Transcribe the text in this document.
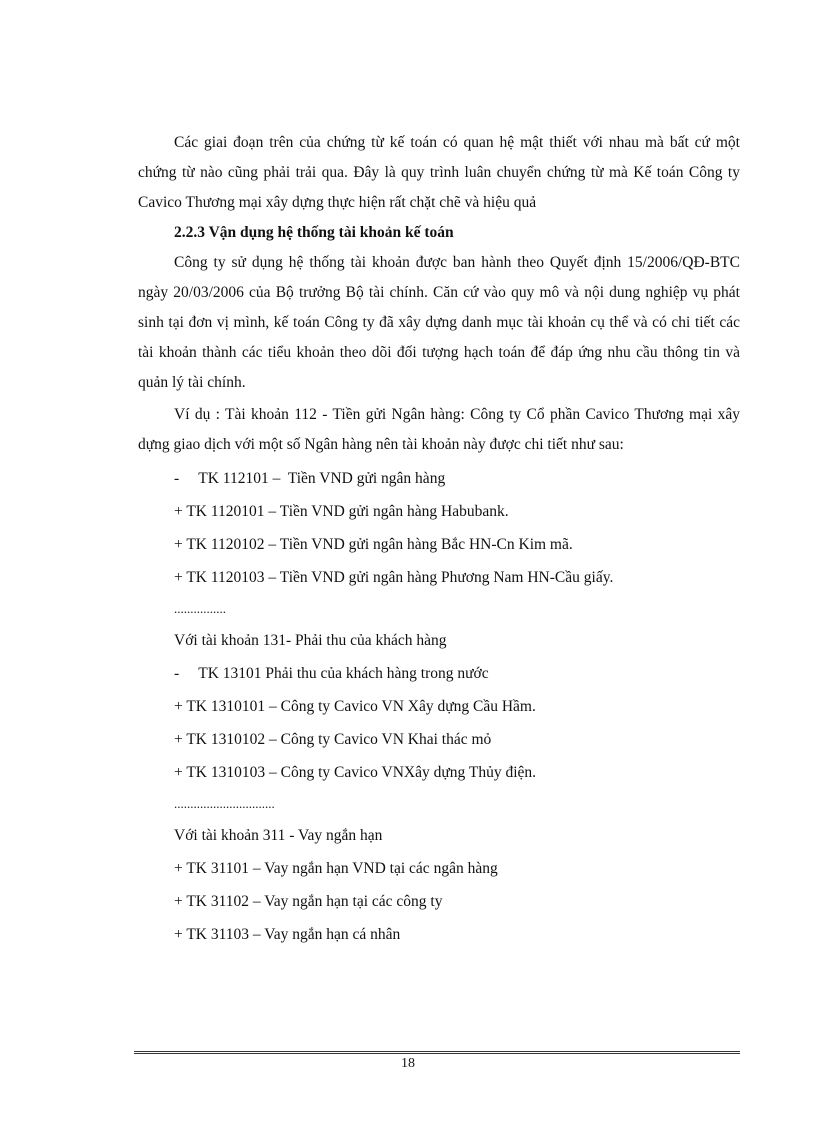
Các giai đoạn trên của chứng từ kế toán có quan hệ mật thiết với nhau mà bất cứ một chứng từ nào cũng phải trải qua. Đây là quy trình luân chuyển chứng từ mà Kế toán Công ty Cavico Thương mại xây dựng thực hiện rất chặt chẽ và hiệu quả
2.2.3 Vận dụng hệ thống tài khoản kế toán
Công ty sử dụng hệ thống tài khoản được ban hành theo Quyết định 15/2006/QĐ-BTC ngày 20/03/2006 của Bộ trưởng Bộ tài chính. Căn cứ vào quy mô và nội dung nghiệp vụ phát sinh tại đơn vị mình, kế toán Công ty đã xây dựng danh mục tài khoản cụ thể và có chi tiết các tài khoản thành các tiểu khoản theo dõi đối tượng hạch toán để đáp ứng nhu cầu thông tin và quản lý tài chính.
Ví dụ : Tài khoản 112 - Tiền gửi Ngân hàng: Công ty Cổ phần Cavico Thương mại xây dựng giao dịch với một số Ngân hàng nên tài khoản này được chi tiết như sau:
-     TK 112101 –  Tiền VND gửi ngân hàng
+ TK 1120101 – Tiền VND gửi ngân hàng Habubank.
+ TK 1120102 – Tiền VND gửi ngân hàng Bắc HN-Cn Kim mã.
+ TK 1120103 – Tiền VND gửi ngân hàng Phương Nam HN-Cầu giấy.
................
Với tài khoản 131- Phải thu của khách hàng
-     TK 13101 Phải thu của khách hàng trong nước
+ TK 1310101 – Công ty Cavico VN Xây dựng Cầu Hầm.
+ TK 1310102 – Công ty Cavico VN Khai thác mỏ
+ TK 1310103 – Công ty Cavico VNXây dựng Thủy điện.
...............................
Với tài khoản 311 - Vay ngắn hạn
+ TK 31101 – Vay ngắn hạn VND tại các ngân hàng
+ TK 31102 – Vay ngắn hạn tại các công ty
+ TK 31103 – Vay ngắn hạn cá nhân
18
